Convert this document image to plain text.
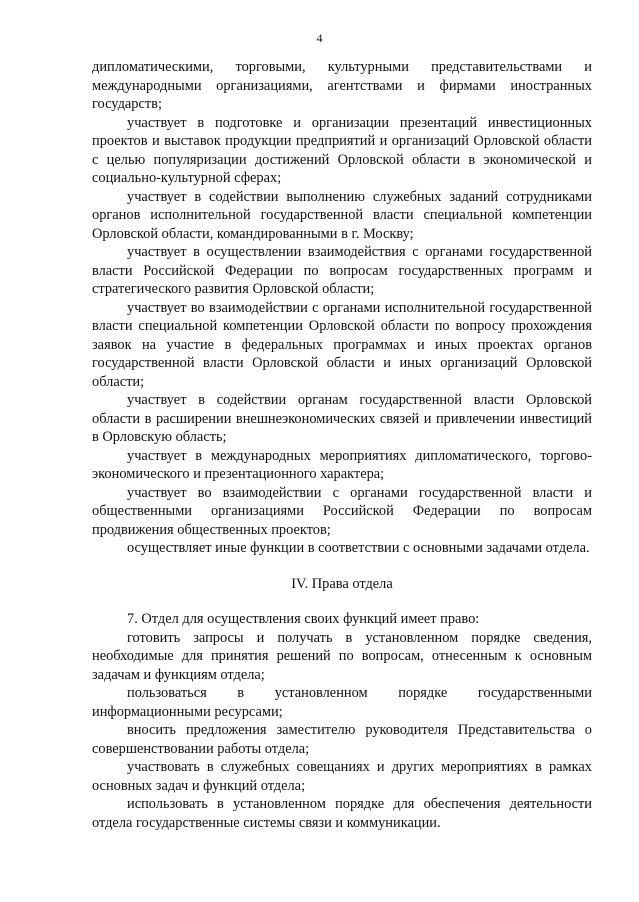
4

дипломатическими, торговыми, культурными представительствами и международными организациями, агентствами и фирмами иностранных государств;

участвует в подготовке и организации презентаций инвестиционных проектов и выставок продукции предприятий и организаций Орловской области с целью популяризации достижений Орловской области в экономической и социально-культурной сферах;

участвует в содействии выполнению служебных заданий сотрудниками органов исполнительной государственной власти специальной компетенции Орловской области, командированными в г. Москву;

участвует в осуществлении взаимодействия с органами государственной власти Российской Федерации по вопросам государственных программ и стратегического развития Орловской области;

участвует во взаимодействии с органами исполнительной государственной власти специальной компетенции Орловской области по вопросу прохождения заявок на участие в федеральных программах и иных проектах органов государственной власти Орловской области и иных организаций Орловской области;

участвует в содействии органам государственной власти Орловской области в расширении внешнеэкономических связей и привлечении инвестиций в Орловскую область;

участвует в международных мероприятиях дипломатического, торгово-экономического и презентационного характера;

участвует во взаимодействии с органами государственной власти и общественными организациями Российской Федерации по вопросам продвижения общественных проектов;

осуществляет иные функции в соответствии с основными задачами отдела.

IV. Права отдела

7. Отдел для осуществления своих функций имеет право:

готовить запросы и получать в установленном порядке сведения, необходимые для принятия решений по вопросам, отнесенным к основным задачам и функциям отдела;

пользоваться в установленном порядке государственными информационными ресурсами;

вносить предложения заместителю руководителя Представительства о совершенствовании работы отдела;

участвовать в служебных совещаниях и других мероприятиях в рамках основных задач и функций отдела;

использовать в установленном порядке для обеспечения деятельности отдела государственные системы связи и коммуникации.
